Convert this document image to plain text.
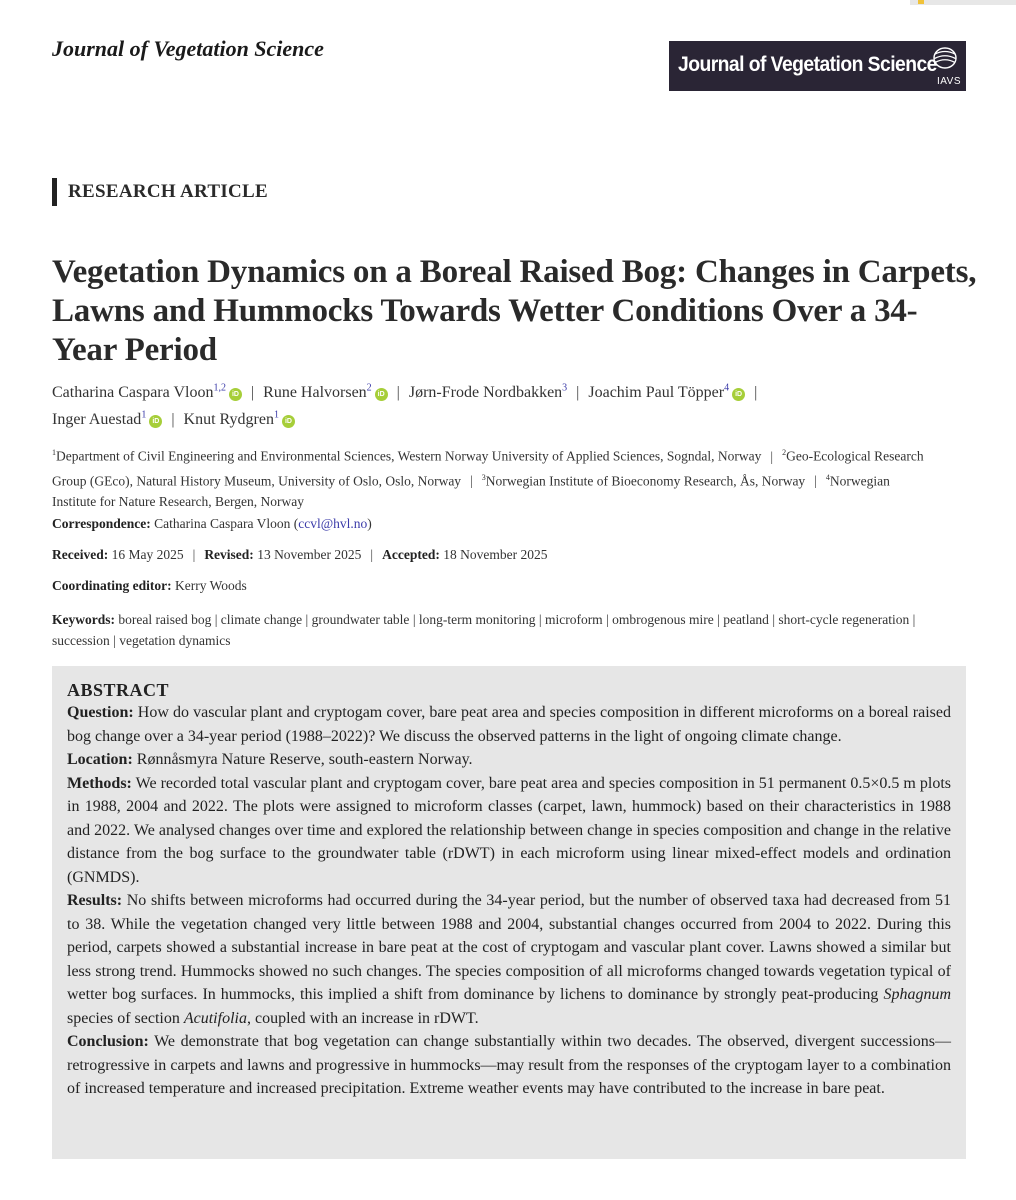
Journal of Vegetation Science
Journal of Vegetation Science
IAVS
RESEARCH ARTICLE
Vegetation Dynamics on a Boreal Raised Bog: Changes in Carpets, Lawns and Hummocks Towards Wetter Conditions Over a 34-Year Period
Catharina Caspara Vloon$^{1,2}$iD | Rune Halvorsen$^2$iD | Jørn-Frode Nordbakken$^3$ | Joachim Paul Töpper$^4$iD |
Inger Auestad$^1$iD | Knut Rydgren$^1$iD
$^1$Department of Civil Engineering and Environmental Sciences, Western Norway University of Applied Sciences, Sogndal, Norway | $^2$Geo-Ecological Research Group (GEco), Natural History Museum, University of Oslo, Oslo, Norway | $^3$Norwegian Institute of Bioeconomy Research, Ås, Norway | $^4$Norwegian Institute for Nature Research, Bergen, Norway
Correspondence: Catharina Caspara Vloon (ccvl@hvl.no)
Received: 16 May 2025 | Revised: 13 November 2025 | Accepted: 18 November 2025
Coordinating editor: Kerry Woods
Keywords: boreal raised bog | climate change | groundwater table | long-term monitoring | microform | ombrogenous mire | peatland | short-cycle regeneration | succession | vegetation dynamics
ABSTRACT

Question: How do vascular plant and cryptogam cover, bare peat area and species composition in different microforms on a boreal raised bog change over a 34-year period (1988–2022)? We discuss the observed patterns in the light of ongoing climate change.

Location: Rønnåsmyra Nature Reserve, south-eastern Norway.

Methods: We recorded total vascular plant and cryptogam cover, bare peat area and species composition in 51 permanent 0.5×0.5 m plots in 1988, 2004 and 2022. The plots were assigned to microform classes (carpet, lawn, hummock) based on their characteristics in 1988 and 2022. We analysed changes over time and explored the relationship between change in species composition and change in the relative distance from the bog surface to the groundwater table (rDWT) in each microform using linear mixed-effect models and ordination (GNMDS).

Results: No shifts between microforms had occurred during the 34-year period, but the number of observed taxa had decreased from 51 to 38. While the vegetation changed very little between 1988 and 2004, substantial changes occurred from 2004 to 2022. During this period, carpets showed a substantial increase in bare peat at the cost of cryptogam and vascular plant cover. Lawns showed a similar but less strong trend. Hummocks showed no such changes. The species composition of all microforms changed towards vegetation typical of wetter bog surfaces. In hummocks, this implied a shift from dominance by lichens to dominance by strongly peat-producing Sphagnum species of section Acutifolia, coupled with an increase in rDWT.

Conclusion: We demonstrate that bog vegetation can change substantially within two decades. The observed, divergent successions—retrogressive in carpets and lawns and progressive in hummocks—may result from the responses of the cryptogam layer to a combination of increased temperature and increased precipitation. Extreme weather events may have contributed to the increase in bare peat.
